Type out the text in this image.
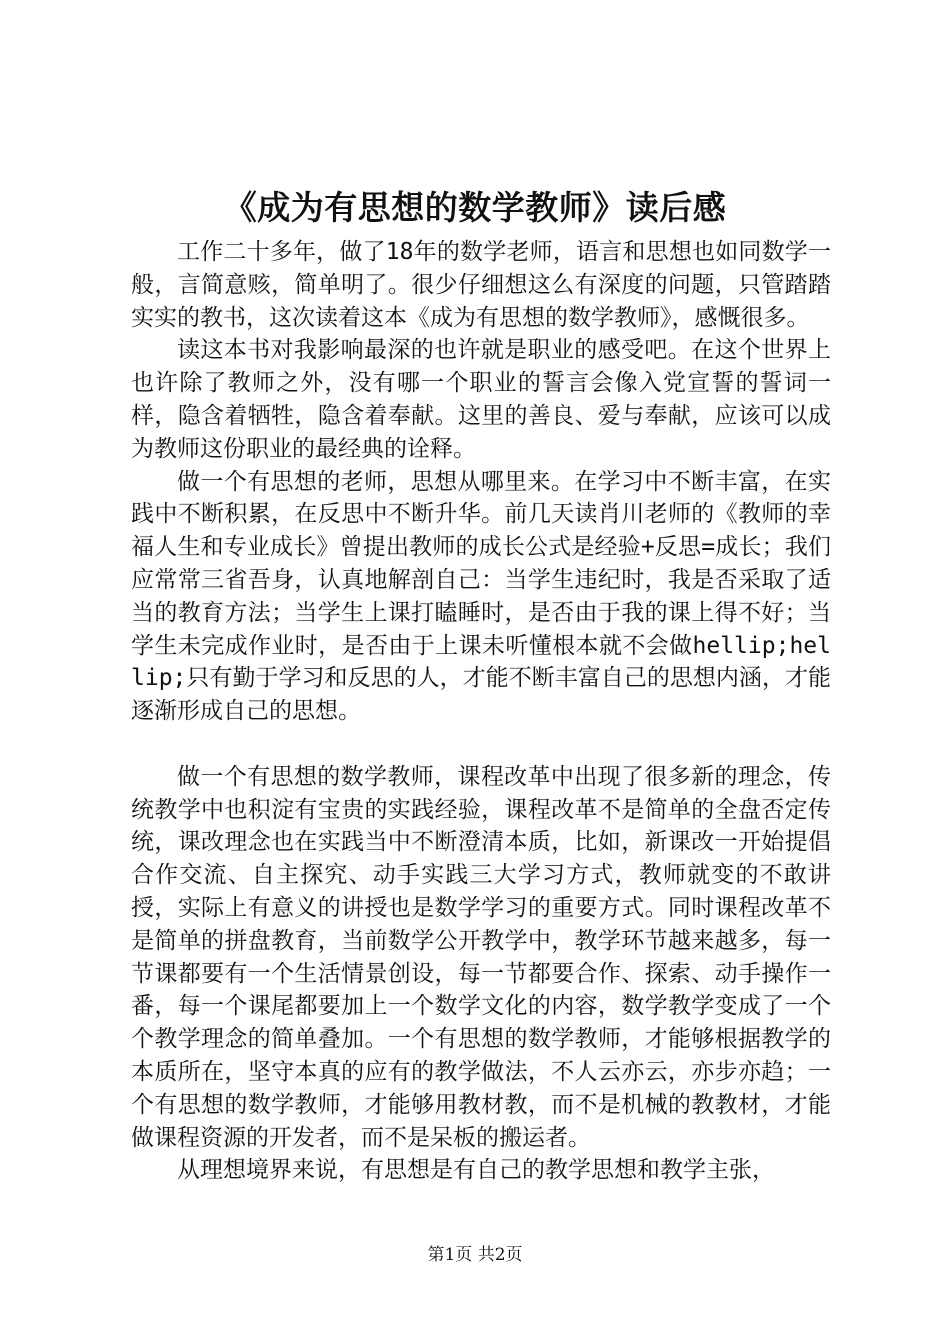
《成为有思想的数学教师》读后感

工作二十多年，做了18年的数学老师，语言和思想也如同数学一般，言简意赅，简单明了。很少仔细想这么有深度的问题，只管踏踏实实的教书，这次读着这本《成为有思想的数学教师》，感慨很多。

读这本书对我影响最深的也许就是职业的感受吧。在这个世界上也许除了教师之外，没有哪一个职业的誓言会像入党宣誓的誓词一样，隐含着牺牲，隐含着奉献。这里的善良、爱与奉献，应该可以成为教师这份职业的最经典的诠释。

做一个有思想的老师，思想从哪里来。在学习中不断丰富，在实践中不断积累，在反思中不断升华。前几天读肖川老师的《教师的幸福人生和专业成长》曾提出教师的成长公式是经验+反思=成长；我们应常常三省吾身，认真地解剖自己：当学生违纪时，我是否采取了适当的教育方法；当学生上课打瞌睡时，是否由于我的课上得不好；当学生未完成作业时，是否由于上课未听懂根本就不会做hellip;hellip;只有勤于学习和反思的人，才能不断丰富自己的思想内涵，才能逐渐形成自己的思想。

做一个有思想的数学教师，课程改革中出现了很多新的理念，传统教学中也积淀有宝贵的实践经验，课程改革不是简单的全盘否定传统，课改理念也在实践当中不断澄清本质，比如，新课改一开始提倡合作交流、自主探究、动手实践三大学习方式，教师就变的不敢讲授，实际上有意义的讲授也是数学学习的重要方式。同时课程改革不是简单的拼盘教育，当前数学公开教学中，教学环节越来越多，每一节课都要有一个生活情景创设，每一节都要合作、探索、动手操作一番，每一个课尾都要加上一个数学文化的内容，数学教学变成了一个个教学理念的简单叠加。一个有思想的数学教师，才能够根据教学的本质所在，坚守本真的应有的教学做法，不人云亦云，亦步亦趋；一个有思想的数学教师，才能够用教材教，而不是机械的教教材，才能做课程资源的开发者，而不是呆板的搬运者。

从理想境界来说，有思想是有自己的教学思想和教学主张，

第1页 共2页
